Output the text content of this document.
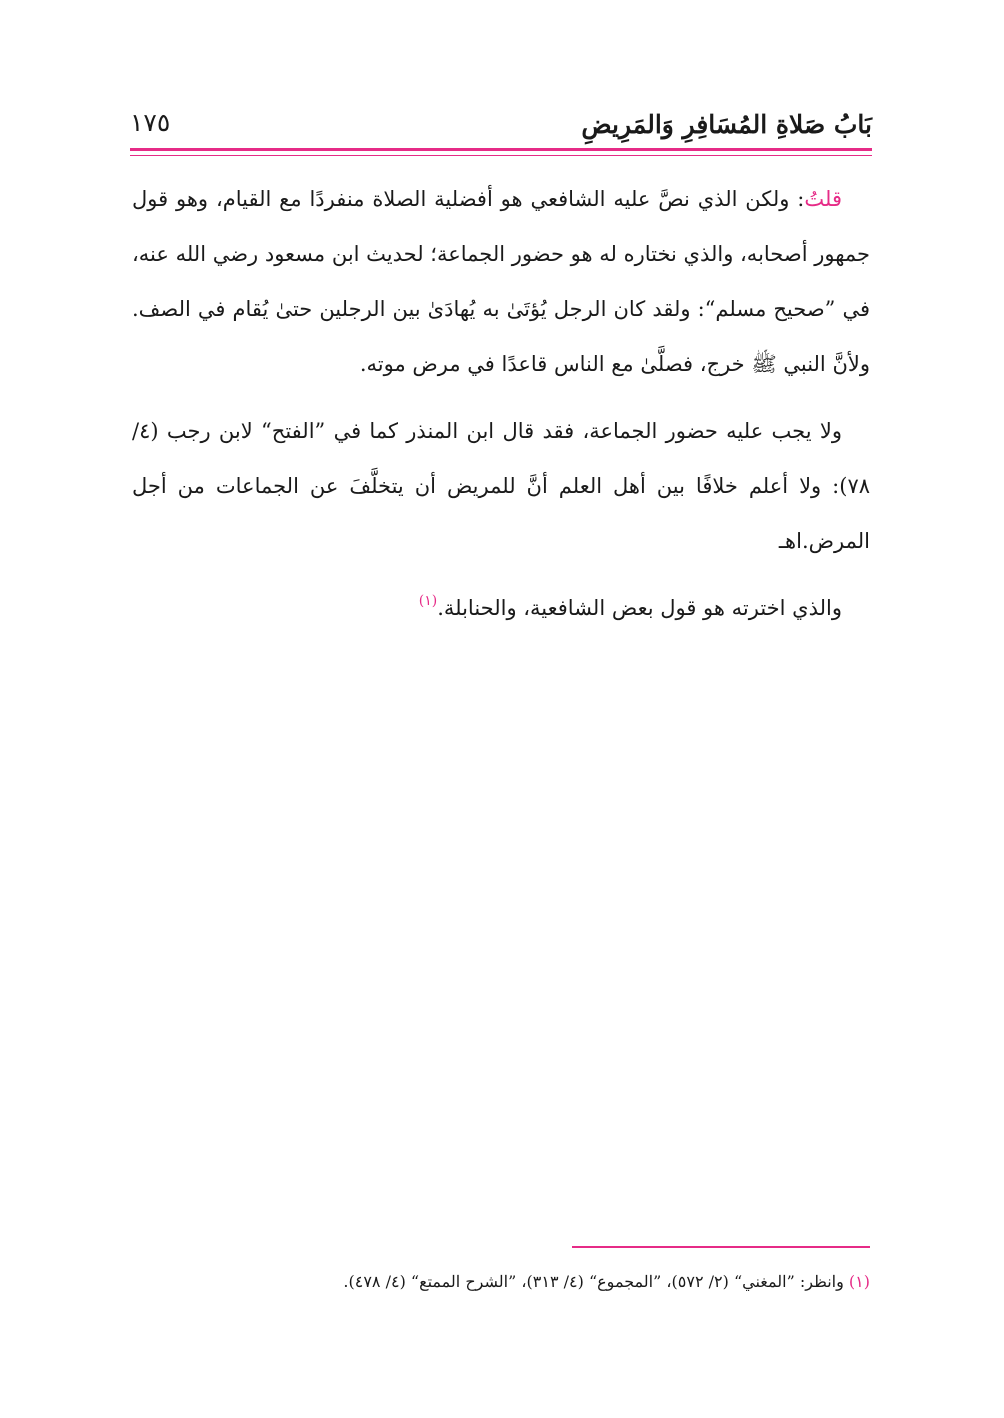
بَابُ صَلاةِ المُسَافِرِ وَالمَرِيضِ
١٧٥

قلتُ: ولكن الذي نصَّ عليه الشافعي هو أفضلية الصلاة منفردًا مع القيام، وهو قول جمهور أصحابه، والذي نختاره له هو حضور الجماعة؛ لحديث ابن مسعود رضي الله عنه، في ”صحيح مسلم“: ولقد كان الرجل يُؤتَىٰ به يُهادَىٰ بين الرجلين حتىٰ يُقام في الصف. ولأنَّ النبي ﷺ خرج، فصلَّىٰ مع الناس قاعدًا في مرض موته.

ولا يجب عليه حضور الجماعة، فقد قال ابن المنذر كما في ”الفتح“ لابن رجب (٤/ ٧٨): ولا أعلم خلافًا بين أهل العلم أنَّ للمريض أن يتخلَّفَ عن الجماعات من أجل المرض.اهـ

والذي اخترته هو قول بعض الشافعية، والحنابلة.$^{(١)}$

(١) وانظر: ”المغني“ (٢/ ٥٧٢)، ”المجموع“ (٤/ ٣١٣)، ”الشرح الممتع“ (٤/ ٤٧٨).
